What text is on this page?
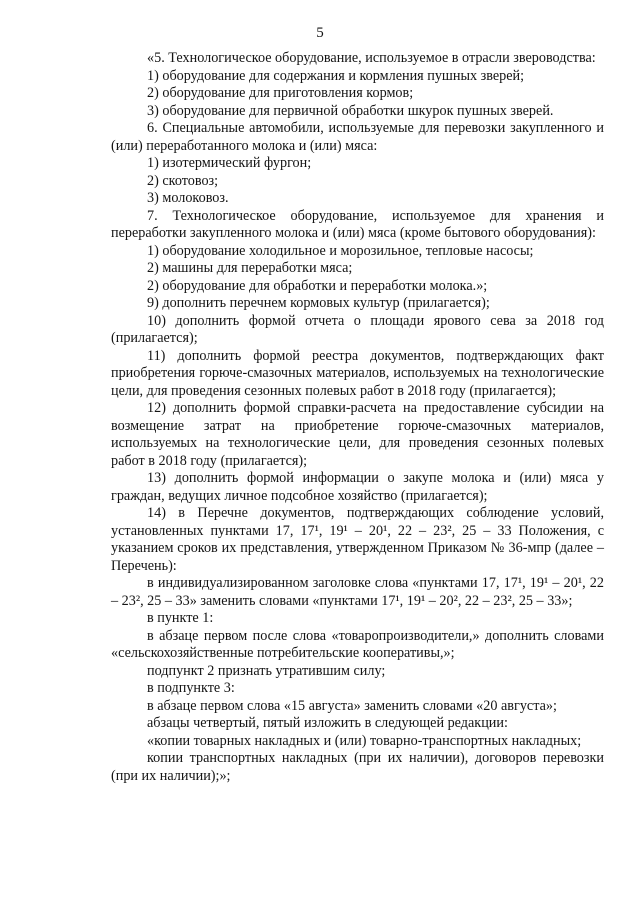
5

«5. Технологическое оборудование, используемое в отрасли звероводства:

1) оборудование для содержания и кормления пушных зверей;

2) оборудование для приготовления кормов;

3) оборудование для первичной обработки шкурок пушных зверей.

6. Специальные автомобили, используемые для перевозки закупленного и (или) переработанного молока и (или) мяса:

1) изотермический фургон;

2) скотовоз;

3) молоковоз.

7. Технологическое оборудование, используемое для хранения и переработки закупленного молока и (или) мяса (кроме бытового оборудования):

1) оборудование холодильное и морозильное, тепловые насосы;

2) машины для переработки мяса;

2) оборудование для обработки и переработки молока.»;

9) дополнить перечнем кормовых культур (прилагается);

10) дополнить формой отчета о площади ярового сева за 2018 год (прилагается);

11) дополнить формой реестра документов, подтверждающих факт приобретения горюче-смазочных материалов, используемых на технологические цели, для проведения сезонных полевых работ в 2018 году (прилагается);

12) дополнить формой справки-расчета на предоставление субсидии на возмещение затрат на приобретение горюче-смазочных материалов, используемых на технологические цели, для проведения сезонных полевых работ в 2018 году (прилагается);

13) дополнить формой информации о закупе молока и (или) мяса у граждан, ведущих личное подсобное хозяйство (прилагается);

14) в Перечне документов, подтверждающих соблюдение условий, установленных пунктами 17, 17¹, 19¹ – 20¹, 22 – 23², 25 – 33 Положения, с указанием сроков их представления, утвержденном Приказом № 36-мпр (далее – Перечень):

в индивидуализированном заголовке слова «пунктами 17, 17¹, 19¹ – 20¹, 22 – 23², 25 – 33» заменить словами «пунктами 17¹, 19¹ – 20², 22 – 23², 25 – 33»;

в пункте 1:

в абзаце первом после слова «товаропроизводители,» дополнить словами «сельскохозяйственные потребительские кооперативы,»;

подпункт 2 признать утратившим силу;

в подпункте 3:

в абзаце первом слова «15 августа» заменить словами «20 августа»;

абзацы четвертый, пятый изложить в следующей редакции:

«копии товарных накладных и (или) товарно-транспортных накладных;

копии транспортных накладных (при их наличии), договоров перевозки (при их наличии);»;
